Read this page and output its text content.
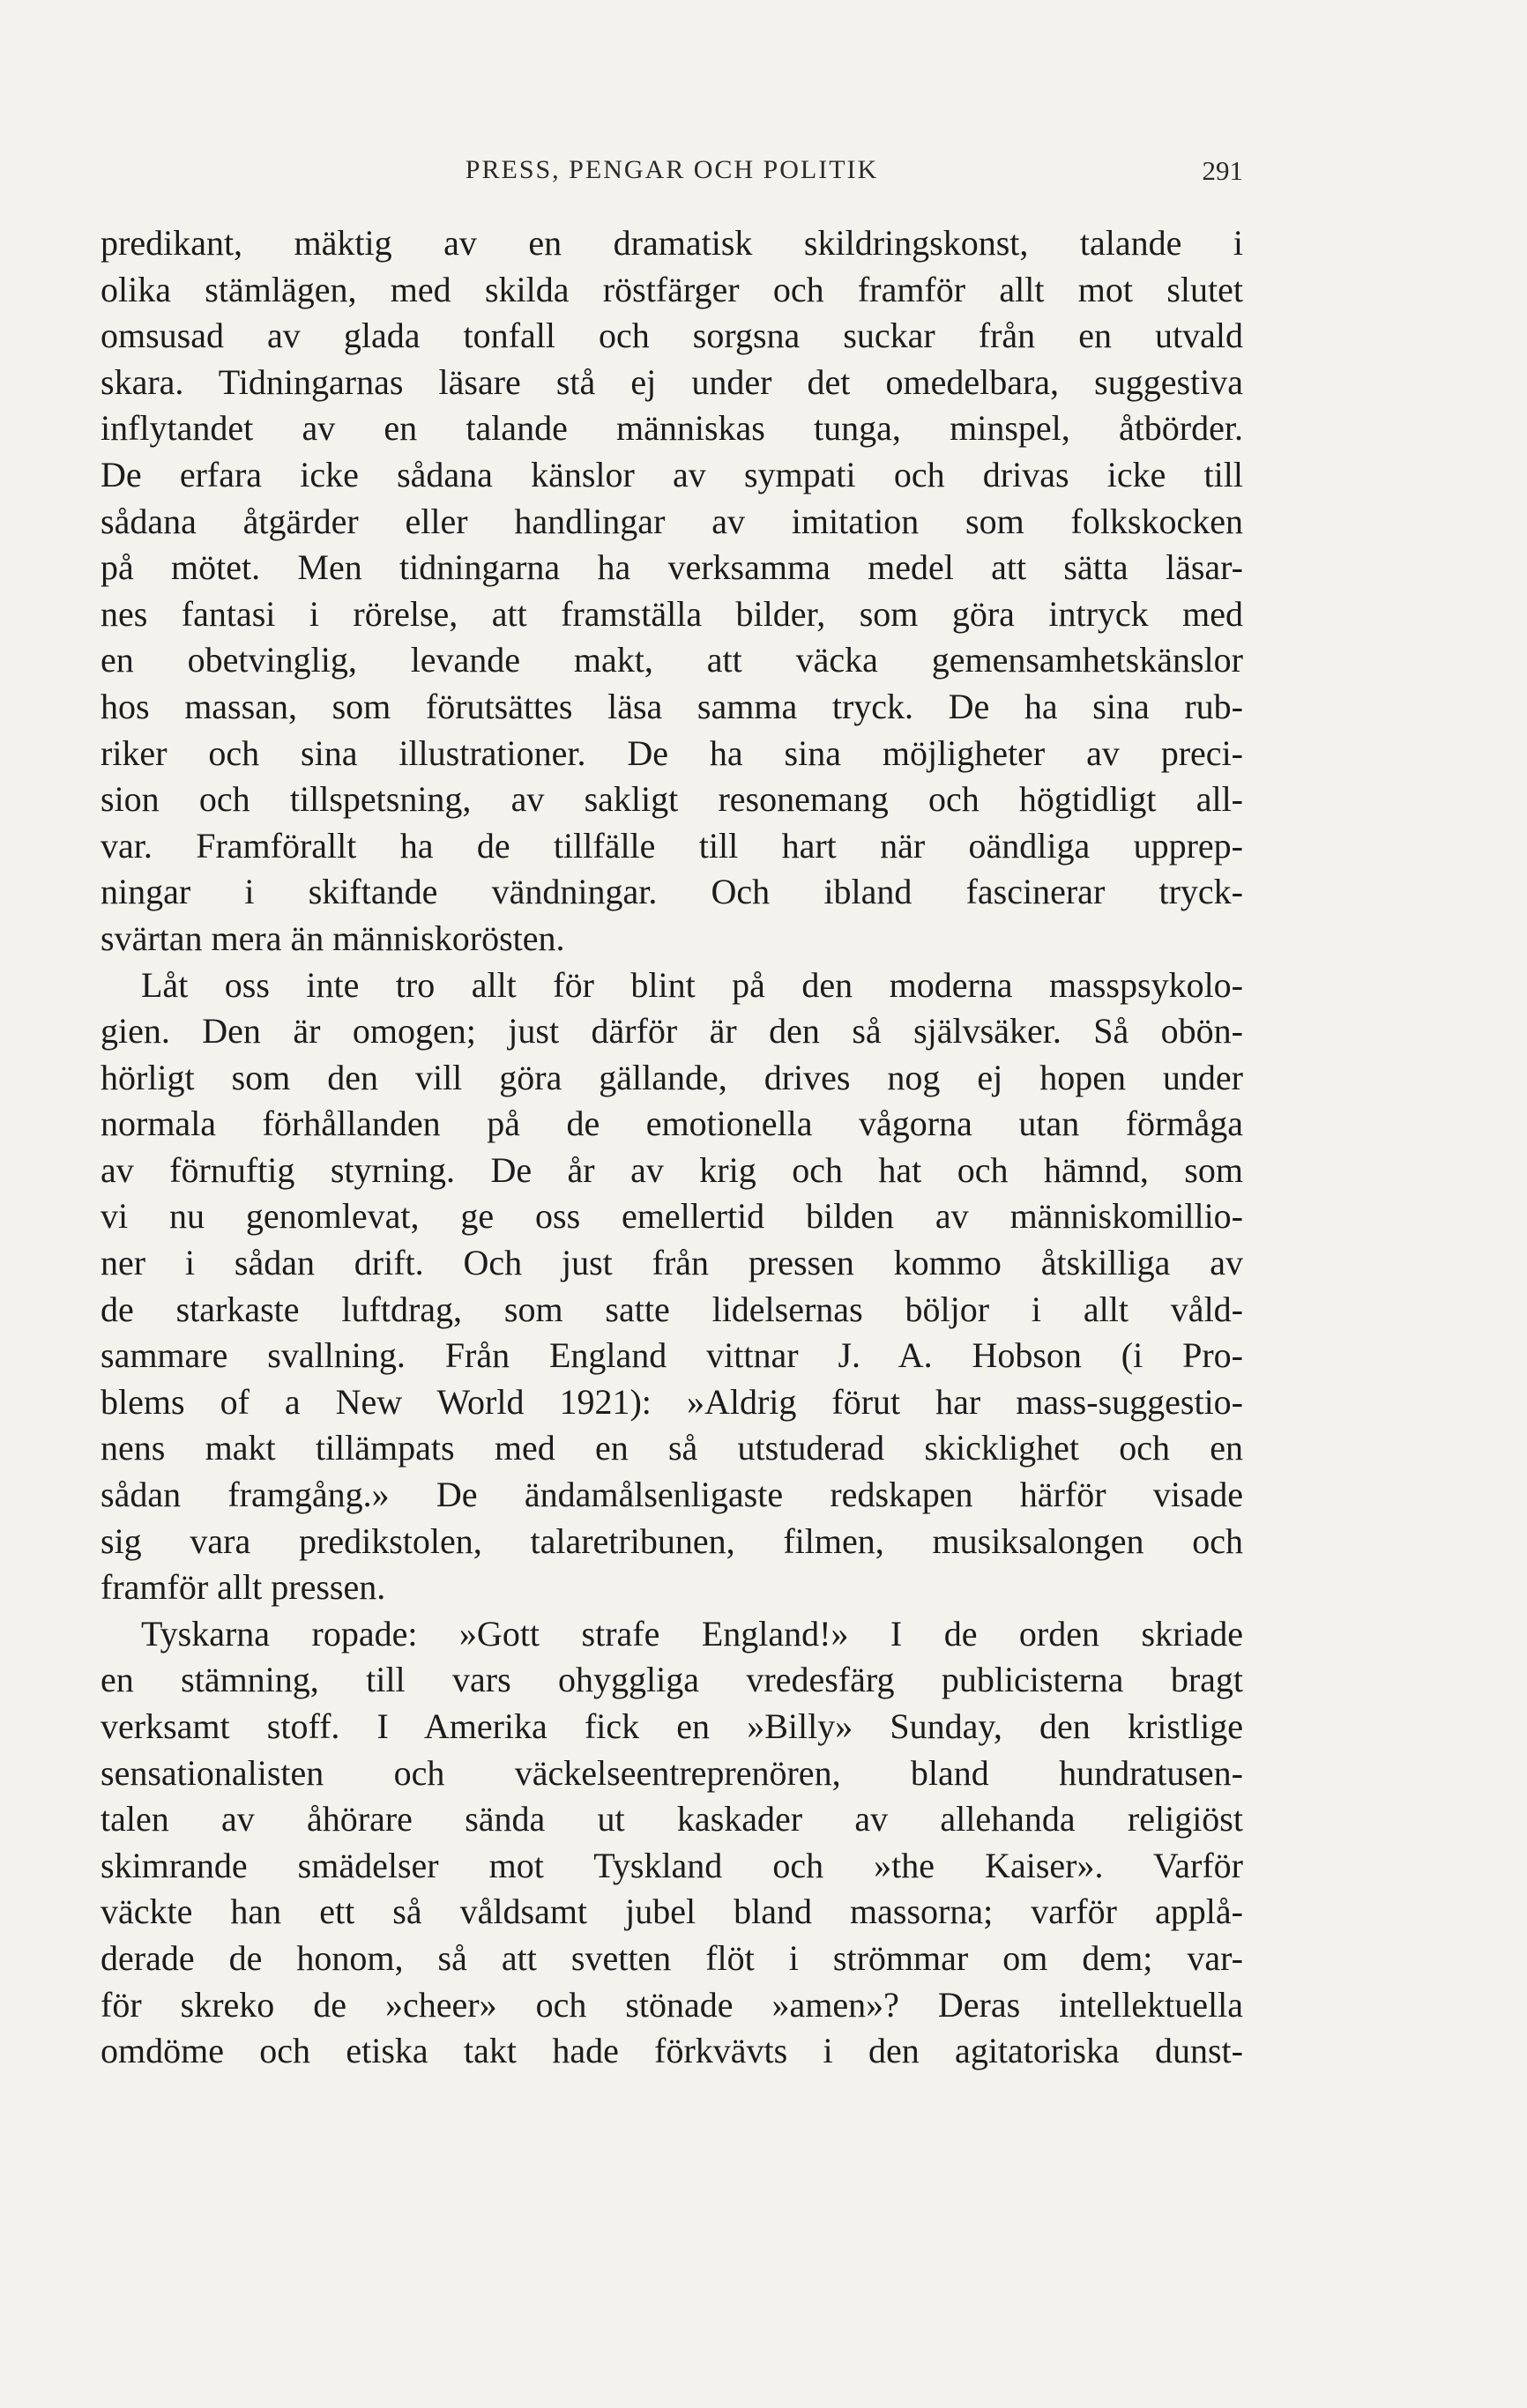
PRESS, PENGAR OCH POLITIK	291
predikant, mäktig av en dramatisk skildringskonst, talande i
olika stämlägen, med skilda röstfärger och framför allt mot slutet
omsusad av glada tonfall och sorgsna suckar från en utvald
skara. Tidningarnas läsare stå ej under det omedelbara, suggestiva
inflytandet av en talande människas tunga, minspel, åtbörder.
De erfara icke sådana känslor av sympati och drivas icke till
sådana åtgärder eller handlingar av imitation som folkskocken
på mötet. Men tidningarna ha verksamma medel att sätta läsar-
nes fantasi i rörelse, att framställa bilder, som göra intryck med
en obetvinglig, levande makt, att väcka gemensamhetskänslor
hos massan, som förutsättes läsa samma tryck. De ha sina rub-
riker och sina illustrationer. De ha sina möjligheter av preci-
sion och tillspetsning, av sakligt resonemang och högtidligt all-
var. Framförallt ha de tillfälle till hart när oändliga upprep-
ningar i skiftande vändningar. Och ibland fascinerar tryck-
svärtan mera än människorösten.
Låt oss inte tro allt för blint på den moderna masspsykolo-
gien. Den är omogen; just därför är den så självsäker. Så obön-
hörligt som den vill göra gällande, drives nog ej hopen under
normala förhållanden på de emotionella vågorna utan förmåga
av förnuftig styrning. De år av krig och hat och hämnd, som
vi nu genomlevat, ge oss emellertid bilden av människomillio-
ner i sådan drift. Och just från pressen kommo åtskilliga av
de starkaste luftdrag, som satte lidelsernas böljor i allt våld-
sammare svallning. Från England vittnar J. A. Hobson (i Pro-
blems of a New World 1921): »Aldrig förut har mass-suggestio-
nens makt tillämpats med en så utstuderad skicklighet och en
sådan framgång.» De ändamålsenligaste redskapen härför visade
sig vara predikstolen, talaretribunen, filmen, musiksalongen och
framför allt pressen.
Tyskarna ropade: »Gott strafe England!» I de orden skriade
en stämning, till vars ohyggliga vredesfärg publicisterna bragt
verksamt stoff. I Amerika fick en »Billy» Sunday, den kristlige
sensationalisten och väckelseentreprenören, bland hundratusen-
talen av åhörare sända ut kaskader av allehanda religiöst
skimrande smädelser mot Tyskland och »the Kaiser». Varför
väckte han ett så våldsamt jubel bland massorna; varför applå-
derade de honom, så att svetten flöt i strömmar om dem; var-
för skreko de »cheer» och stönade »amen»? Deras intellektuella
omdöme och etiska takt hade förkvävts i den agitatoriska dunst-
